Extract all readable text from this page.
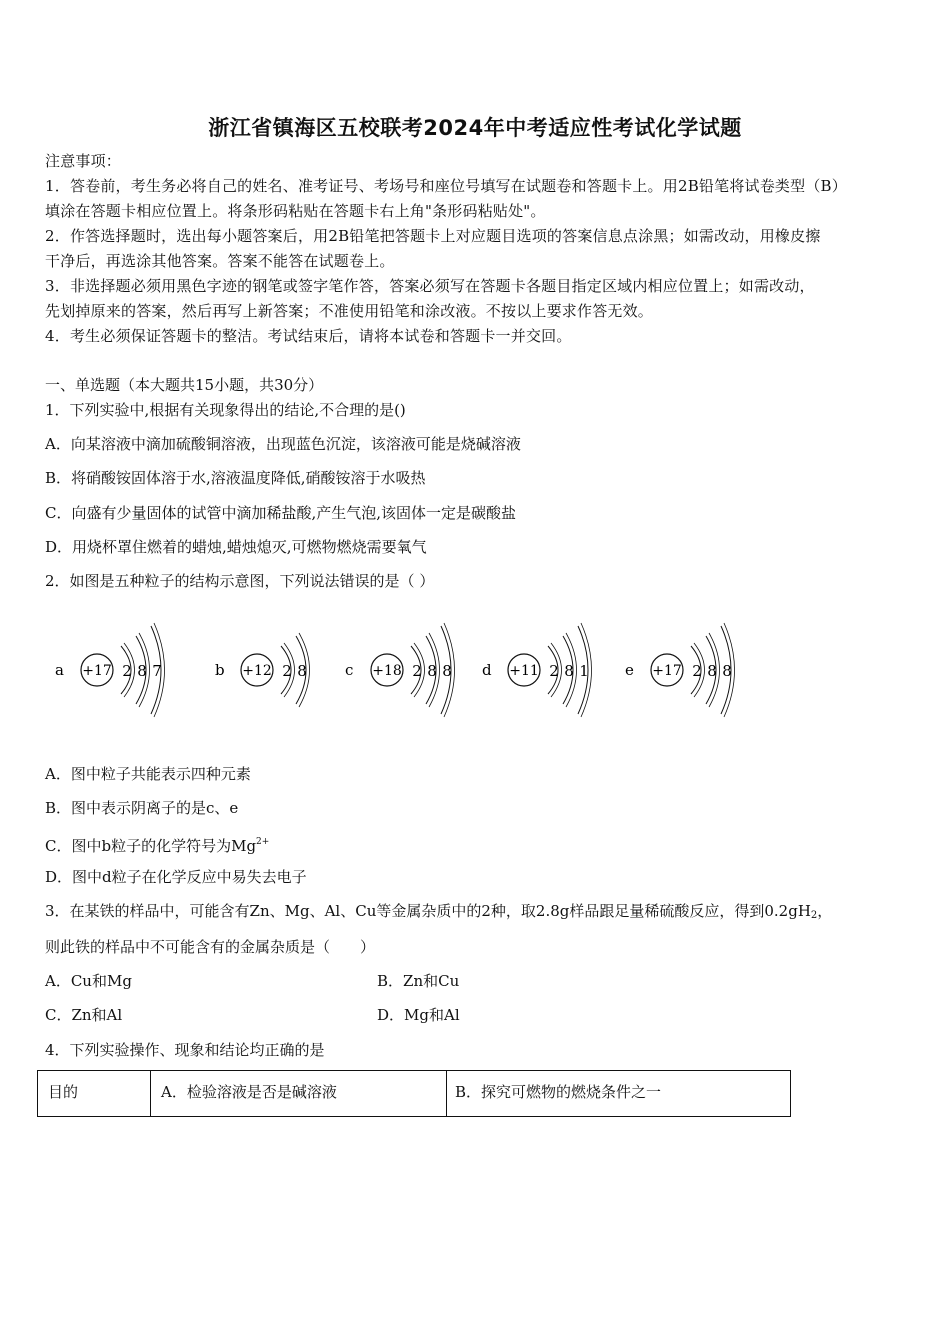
浙江省镇海区五校联考2024年中考适应性考试化学试题
注意事项：
1．答卷前，考生务必将自己的姓名、准考证号、考场号和座位号填写在试题卷和答题卡上。用2B铅笔将试卷类型（B）
填涂在答题卡相应位置上。将条形码粘贴在答题卡右上角"条形码粘贴处"。
2．作答选择题时，选出每小题答案后，用2B铅笔把答题卡上对应题目选项的答案信息点涂黑；如需改动，用橡皮擦
干净后，再选涂其他答案。答案不能答在试题卷上。
3．非选择题必须用黑色字迹的钢笔或签字笔作答，答案必须写在答题卡各题目指定区域内相应位置上；如需改动，
先划掉原来的答案，然后再写上新答案；不准使用铅笔和涂改液。不按以上要求作答无效。
4．考生必须保证答题卡的整洁。考试结束后，请将本试卷和答题卡一并交回。
一、单选题（本大题共15小题，共30分）
1．下列实验中,根据有关现象得出的结论,不合理的是()
A．向某溶液中滴加硫酸铜溶液，出现蓝色沉淀，该溶液可能是烧碱溶液
B．将硝酸铵固体溶于水,溶液温度降低,硝酸铵溶于水吸热
C．向盛有少量固体的试管中滴加稀盐酸,产生气泡,该固体一定是碳酸盐
D．用烧杯罩住燃着的蜡烛,蜡烛熄灭,可燃物燃烧需要氧气
2．如图是五种粒子的结构示意图，下列说法错误的是（ ）
a +17 2 8 7	b +12 2 8	c +18 2 8 8 d +11 2 8 1 e +17 2 8 8
A．图中粒子共能表示四种元素
B．图中表示阴离子的是c、e
C．图中b粒子的化学符号为$Mg^{2+}$
D．图中d粒子在化学反应中易失去电子
3．在某铁的样品中，可能含有Zn、Mg、Al、Cu等金属杂质中的2种，取2.8g样品跟足量稀硫酸反应，得到$0.2gH_2$，
则此铁的样品中不可能含有的金属杂质是（　　）
A．Cu和Mg	B．Zn和Cu
C．Zn和Al	D．Mg和Al
4．下列实验操作、现象和结论均正确的是
目的	A．检验溶液是否是碱溶液	B．探究可燃物的燃烧条件之一
